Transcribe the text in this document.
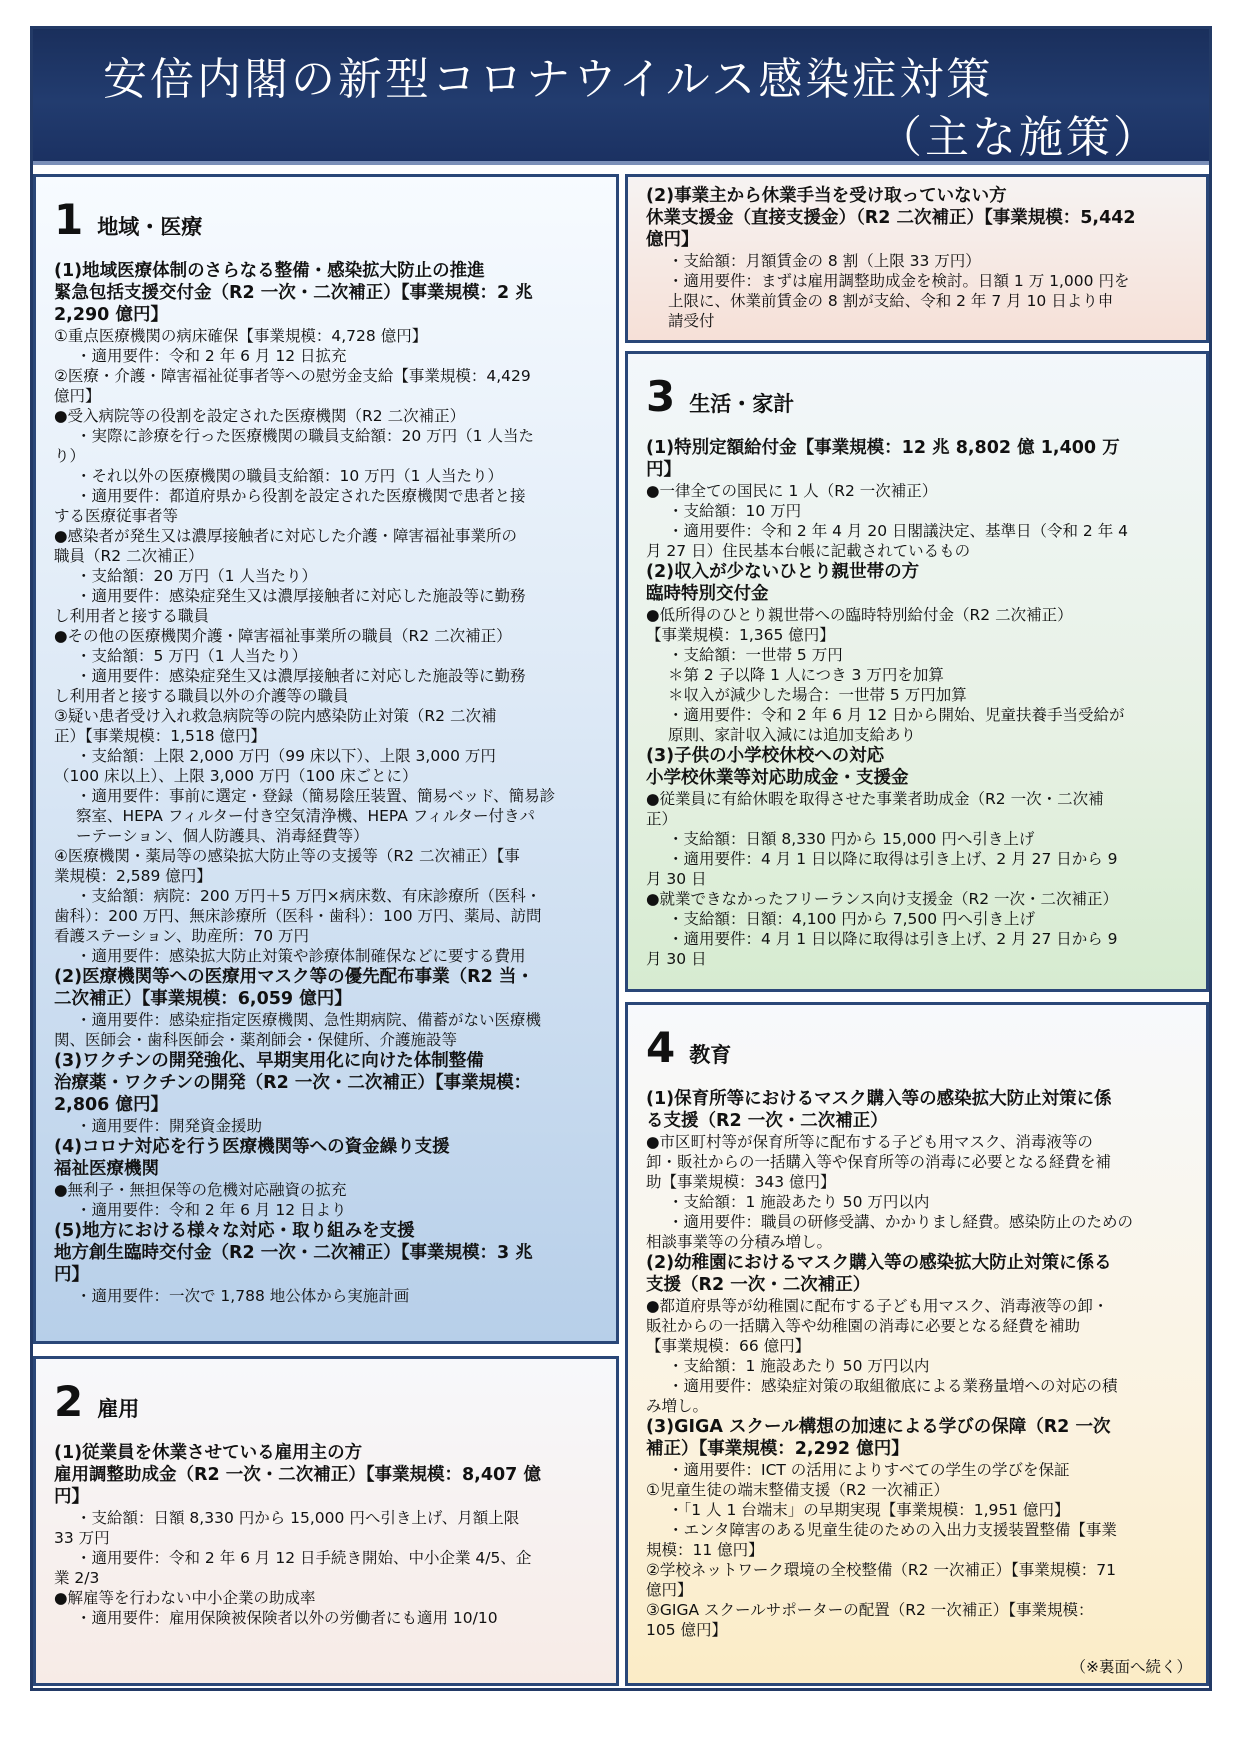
安倍内閣の新型コロナウイルス感染症対策
（主な施策）
1 地域・医療
(1)地域医療体制のさらなる整備・感染拡大防止の推進
緊急包括支援交付金（R2 一次・二次補正）【事業規模：2 兆
2,290 億円】
①重点医療機関の病床確保【事業規模：4,728 億円】
・適用要件：令和 2 年 6 月 12 日拡充
②医療・介護・障害福祉従事者等への慰労金支給【事業規模：4,429
億円】
●受入病院等の役割を設定された医療機関（R2 二次補正）
・実際に診療を行った医療機関の職員支給額：20 万円（1 人当た
り）
・それ以外の医療機関の職員支給額：10 万円（1 人当たり）
・適用要件：都道府県から役割を設定された医療機関で患者と接
する医療従事者等
●感染者が発生又は濃厚接触者に対応した介護・障害福祉事業所の
職員（R2 二次補正）
・支給額：20 万円（1 人当たり）
・適用要件：感染症発生又は濃厚接触者に対応した施設等に勤務
し利用者と接する職員
●その他の医療機関介護・障害福祉事業所の職員（R2 二次補正）
・支給額：5 万円（1 人当たり）
・適用要件：感染症発生又は濃厚接触者に対応した施設等に勤務
し利用者と接する職員以外の介護等の職員
③疑い患者受け入れ救急病院等の院内感染防止対策（R2 二次補
正）【事業規模：1,518 億円】
・支給額：上限 2,000 万円（99 床以下）、上限 3,000 万円
（100 床以上）、上限 3,000 万円（100 床ごとに）
・適用要件：事前に選定・登録（簡易陰圧装置、簡易ベッド、簡易診
察室、HEPA フィルター付き空気清浄機、HEPA フィルター付きパ
ーテーション、個人防護具、消毒経費等）
④医療機関・薬局等の感染拡大防止等の支援等（R2 二次補正）【事
業規模：2,589 億円】
・支給額：病院：200 万円＋5 万円×病床数、有床診療所（医科・
歯科）：200 万円、無床診療所（医科・歯科）：100 万円、薬局、訪問
看護ステーション、助産所：70 万円
・適用要件：感染拡大防止対策や診療体制確保などに要する費用
(2)医療機関等への医療用マスク等の優先配布事業（R2 当・
二次補正）【事業規模：6,059 億円】
・適用要件：感染症指定医療機関、急性期病院、備蓄がない医療機
関、医師会・歯科医師会・薬剤師会・保健所、介護施設等
(3)ワクチンの開発強化、早期実用化に向けた体制整備
治療薬・ワクチンの開発（R2 一次・二次補正）【事業規模：
2,806 億円】
・適用要件：開発資金援助
(4)コロナ対応を行う医療機関等への資金繰り支援
福祉医療機関
●無利子・無担保等の危機対応融資の拡充
・適用要件：令和 2 年 6 月 12 日より
(5)地方における様々な対応・取り組みを支援
地方創生臨時交付金（R2 一次・二次補正）【事業規模：3 兆
円】
・適用要件：一次で 1,788 地公体から実施計画
2 雇用
(1)従業員を休業させている雇用主の方
雇用調整助成金（R2 一次・二次補正）【事業規模：8,407 億
円】
・支給額：日額 8,330 円から 15,000 円へ引き上げ、月額上限
33 万円
・適用要件：令和 2 年 6 月 12 日手続き開始、中小企業 4/5、企
業 2/3
●解雇等を行わない中小企業の助成率
・適用要件：雇用保険被保険者以外の労働者にも適用 10/10
(2)事業主から休業手当を受け取っていない方
休業支援金（直接支援金）（R2 二次補正）【事業規模：5,442
億円】
・支給額：月額賃金の 8 割（上限 33 万円）
・適用要件：まずは雇用調整助成金を検討。日額 1 万 1,000 円を
上限に、休業前賃金の 8 割が支給、令和 2 年 7 月 10 日より申
請受付
3 生活・家計
(1)特別定額給付金【事業規模：12 兆 8,802 億 1,400 万
円】
●一律全ての国民に 1 人（R2 一次補正）
・支給額：10 万円
・適用要件：令和 2 年 4 月 20 日閣議決定、基準日（令和 2 年 4
月 27 日）住民基本台帳に記載されているもの
(2)収入が少ないひとり親世帯の方
臨時特別交付金
●低所得のひとり親世帯への臨時特別給付金（R2 二次補正）
【事業規模：1,365 億円】
・支給額：一世帯 5 万円
＊第 2 子以降 1 人につき 3 万円を加算
＊収入が減少した場合：一世帯 5 万円加算
・適用要件：令和 2 年 6 月 12 日から開始、児童扶養手当受給が
原則、家計収入減には追加支給あり
(3)子供の小学校休校への対応
小学校休業等対応助成金・支援金
●従業員に有給休暇を取得させた事業者助成金（R2 一次・二次補
正）
・支給額：日額 8,330 円から 15,000 円へ引き上げ
・適用要件：4 月 1 日以降に取得は引き上げ、2 月 27 日から 9
月 30 日
●就業できなかったフリーランス向け支援金（R2 一次・二次補正）
・支給額：日額：4,100 円から 7,500 円へ引き上げ
・適用要件：4 月 1 日以降に取得は引き上げ、2 月 27 日から 9
月 30 日
4 教育
(1)保育所等におけるマスク購入等の感染拡大防止対策に係
る支援（R2 一次・二次補正）
●市区町村等が保育所等に配布する子ども用マスク、消毒液等の
卸・販社からの一括購入等や保育所等の消毒に必要となる経費を補
助【事業規模：343 億円】
・支給額：1 施設あたり 50 万円以内
・適用要件：職員の研修受講、かかりまし経費。感染防止のための
相談事業等の分積み増し。
(2)幼稚園におけるマスク購入等の感染拡大防止対策に係る
支援（R2 一次・二次補正）
●都道府県等が幼稚園に配布する子ども用マスク、消毒液等の卸・
販社からの一括購入等や幼稚園の消毒に必要となる経費を補助
【事業規模：66 億円】
・支給額：1 施設あたり 50 万円以内
・適用要件：感染症対策の取組徹底による業務量増への対応の積
み増し。
(3)GIGA スクール構想の加速による学びの保障（R2 一次
補正）【事業規模：2,292 億円】
・適用要件：ICT の活用によりすべての学生の学びを保証
①児童生徒の端末整備支援（R2 一次補正）
・「1 人 1 台端末」の早期実現【事業規模：1,951 億円】
・エンタ障害のある児童生徒のための入出力支援装置整備【事業
規模：11 億円】
②学校ネットワーク環境の全校整備（R2 一次補正）【事業規模：71
億円】
③GIGA スクールサポーターの配置（R2 一次補正）【事業規模：
105 億円】
（※裏面へ続く）
